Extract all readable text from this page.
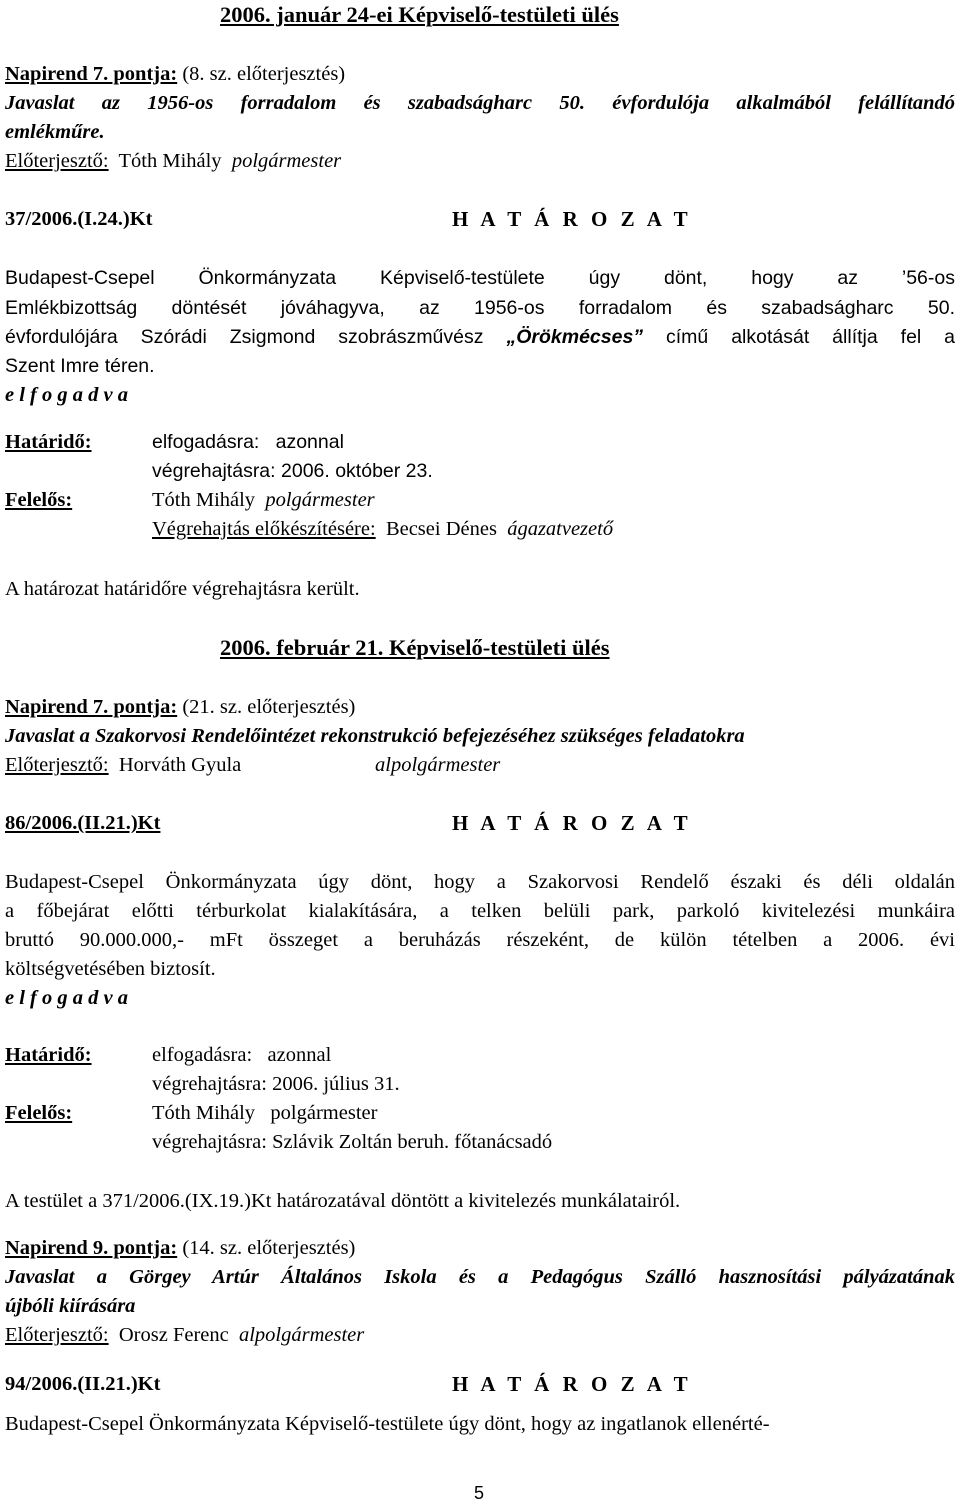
2006. január 24-ei Képviselő-testületi ülés
Napirend 7. pontja: (8. sz. előterjesztés)
Javaslat az 1956-os forradalom és szabadságharc 50. évfordulója alkalmából felállítandó
emlékműre.
Előterjesztő: Tóth Mihály polgármester
37/2006.(I.24.)Kt	H A T Á R O Z A T
Budapest-Csepel Önkormányzata Képviselő-testülete úgy dönt, hogy az ’56-os
Emlékbizottság döntését jóváhagyva, az 1956-os forradalom és szabadságharc 50.
évfordulójára Szórádi Zsigmond szobrászművész „Örökmécses” című alkotását állítja fel a
Szent Imre téren.
e l f o g a d v a
Határidő:	elfogadásra: azonnal
végrehajtásra: 2006. október 23.
Felelős:	Tóth Mihály polgármester
Végrehajtás előkészítésére: Becsei Dénes ágazatvezető
A határozat határidőre végrehajtásra került.
2006. február 21. Képviselő-testületi ülés
Napirend 7. pontja: (21. sz. előterjesztés)
Javaslat a Szakorvosi Rendelőintézet rekonstrukció befejezéséhez szükséges feladatokra
Előterjesztő: Horváth Gyula	alpolgármester
86/2006.(II.21.)Kt	H A T Á R O Z A T
Budapest-Csepel Önkormányzata úgy dönt, hogy a Szakorvosi Rendelő északi és déli oldalán
a főbejárat előtti térburkolat kialakítására, a telken belüli park, parkoló kivitelezési munkáira
bruttó 90.000.000,- mFt összeget a beruházás részeként, de külön tételben a 2006. évi
költségvetésében biztosít.
e l f o g a d v a
Határidő:	elfogadásra: azonnal
végrehajtásra: 2006. július 31.
Felelős:	Tóth Mihály   polgármester
végrehajtásra: Szlávik Zoltán beruh. főtanácsadó
A testület a 371/2006.(IX.19.)Kt határozatával döntött a kivitelezés munkálatairól.
Napirend 9. pontja: (14. sz. előterjesztés)
Javaslat a Görgey Artúr Általános Iskola és a Pedagógus Szálló hasznosítási pályázatának
újbóli kiírására
Előterjesztő: Orosz Ferenc alpolgármester
94/2006.(II.21.)Kt	H A T Á R O Z A T
Budapest-Csepel Önkormányzata Képviselő-testülete úgy dönt, hogy az ingatlanok ellenérté-
5
